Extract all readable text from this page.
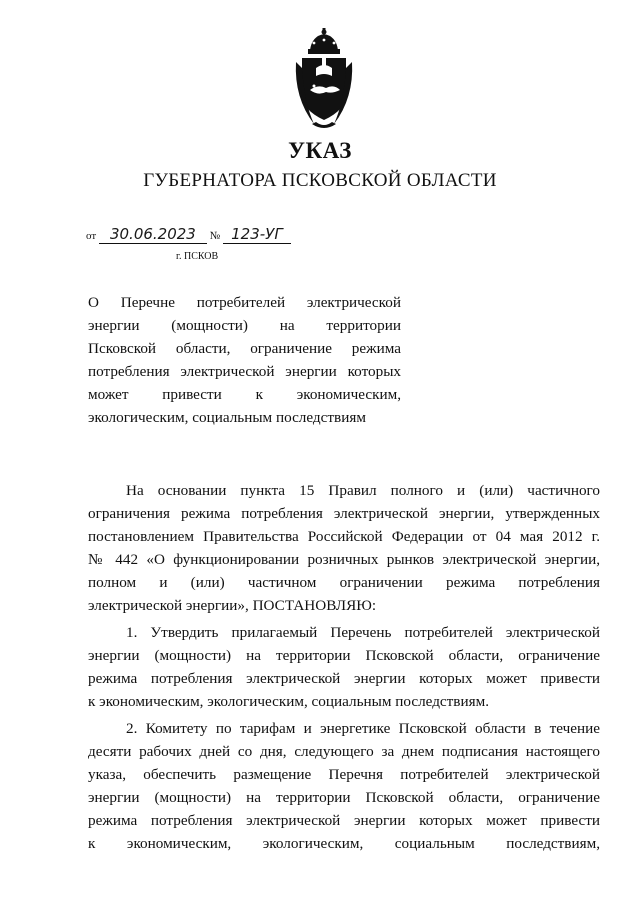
УКАЗ
ГУБЕРНАТОРА ПСКОВСКОЙ ОБЛАСТИ
от 30.06.2023 № 123-УГ
г. ПСКОВ
О Перечне потребителей электрической
энергии (мощности) на территории
Псковской области, ограничение режима
потребления электрической энергии которых
может привести к экономическим,
экологическим, социальным последствиям
На основании пункта 15 Правил полного и (или) частичного
ограничения режима потребления электрической энергии, утвержденных
постановлением Правительства Российской Федерации от 04 мая 2012 г.
№ 442 «О функционировании розничных рынков электрической энергии,
полном и (или) частичном ограничении режима потребления
электрической энергии», ПОСТАНОВЛЯЮ:
1. Утвердить прилагаемый Перечень потребителей электрической
энергии (мощности) на территории Псковской области, ограничение
режима потребления электрической энергии которых может привести
к экономическим, экологическим, социальным последствиям.
2. Комитету по тарифам и энергетике Псковской области в течение
десяти рабочих дней со дня, следующего за днем подписания настоящего
указа, обеспечить размещение Перечня потребителей электрической
энергии (мощности) на территории Псковской области, ограничение
режима потребления электрической энергии которых может привести
к экономическим, экологическим, социальным последствиям,
